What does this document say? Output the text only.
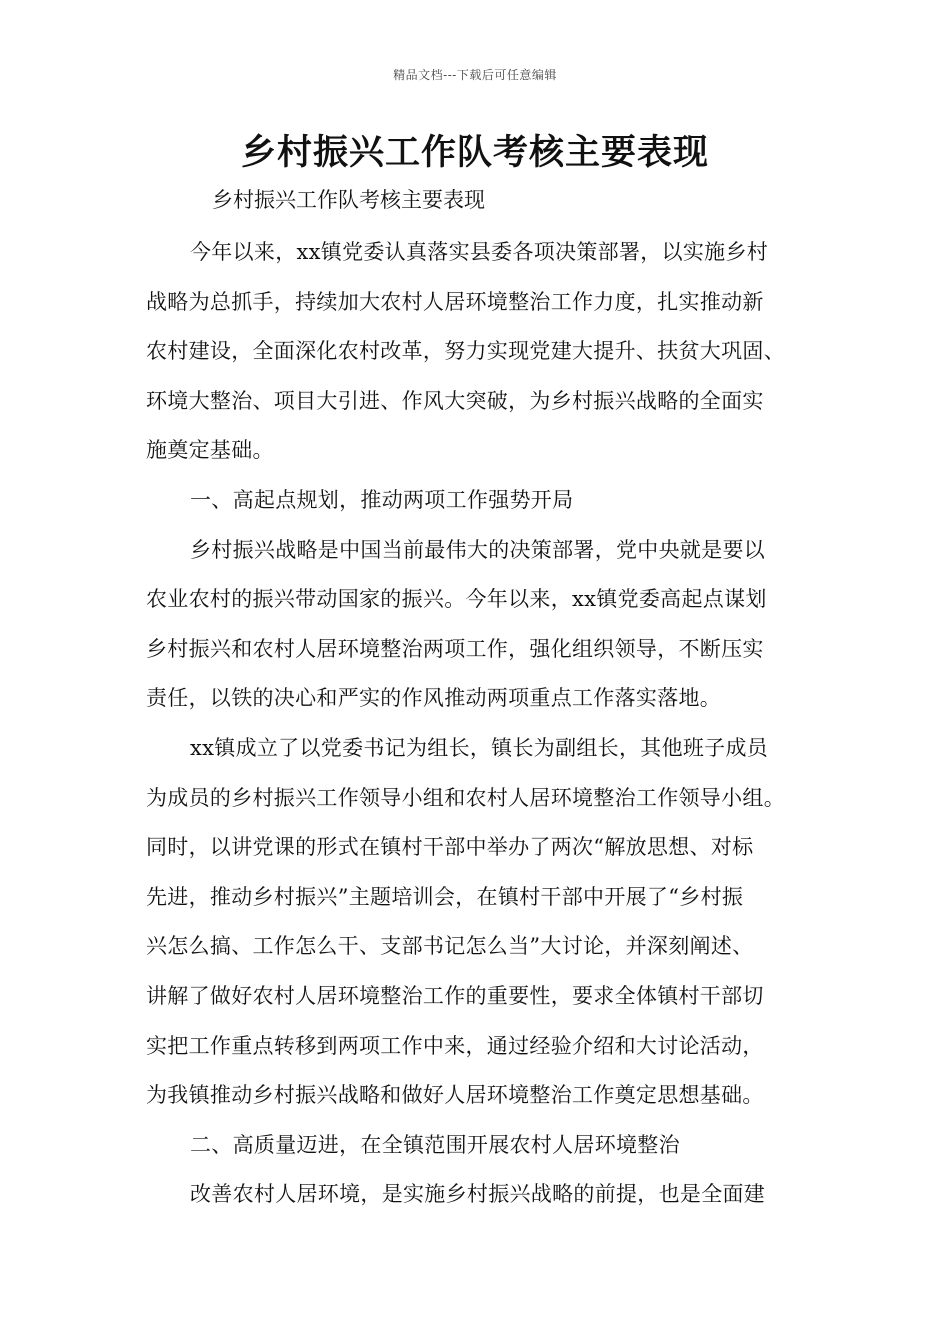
精品文档---下载后可任意编辑
乡村振兴工作队考核主要表现
乡村振兴工作队考核主要表现
今年以来，xx镇党委认真落实县委各项决策部署，以实施乡村
战略为总抓手，持续加大农村人居环境整治工作力度，扎实推动新
农村建设，全面深化农村改革，努力实现党建大提升、扶贫大巩固、
环境大整治、项目大引进、作风大突破，为乡村振兴战略的全面实
施奠定基础。
一、高起点规划，推动两项工作强势开局
乡村振兴战略是中国当前最伟大的决策部署，党中央就是要以
农业农村的振兴带动国家的振兴。今年以来，xx镇党委高起点谋划
乡村振兴和农村人居环境整治两项工作，强化组织领导，不断压实
责任，以铁的决心和严实的作风推动两项重点工作落实落地。
xx镇成立了以党委书记为组长，镇长为副组长，其他班子成员
为成员的乡村振兴工作领导小组和农村人居环境整治工作领导小组。
同时，以讲党课的形式在镇村干部中举办了两次“解放思想、对标
先进，推动乡村振兴”主题培训会，在镇村干部中开展了“乡村振
兴怎么搞、工作怎么干、支部书记怎么当”大讨论，并深刻阐述、
讲解了做好农村人居环境整治工作的重要性，要求全体镇村干部切
实把工作重点转移到两项工作中来，通过经验介绍和大讨论活动，
为我镇推动乡村振兴战略和做好人居环境整治工作奠定思想基础。
二、高质量迈进，在全镇范围开展农村人居环境整治
改善农村人居环境，是实施乡村振兴战略的前提，也是全面建
